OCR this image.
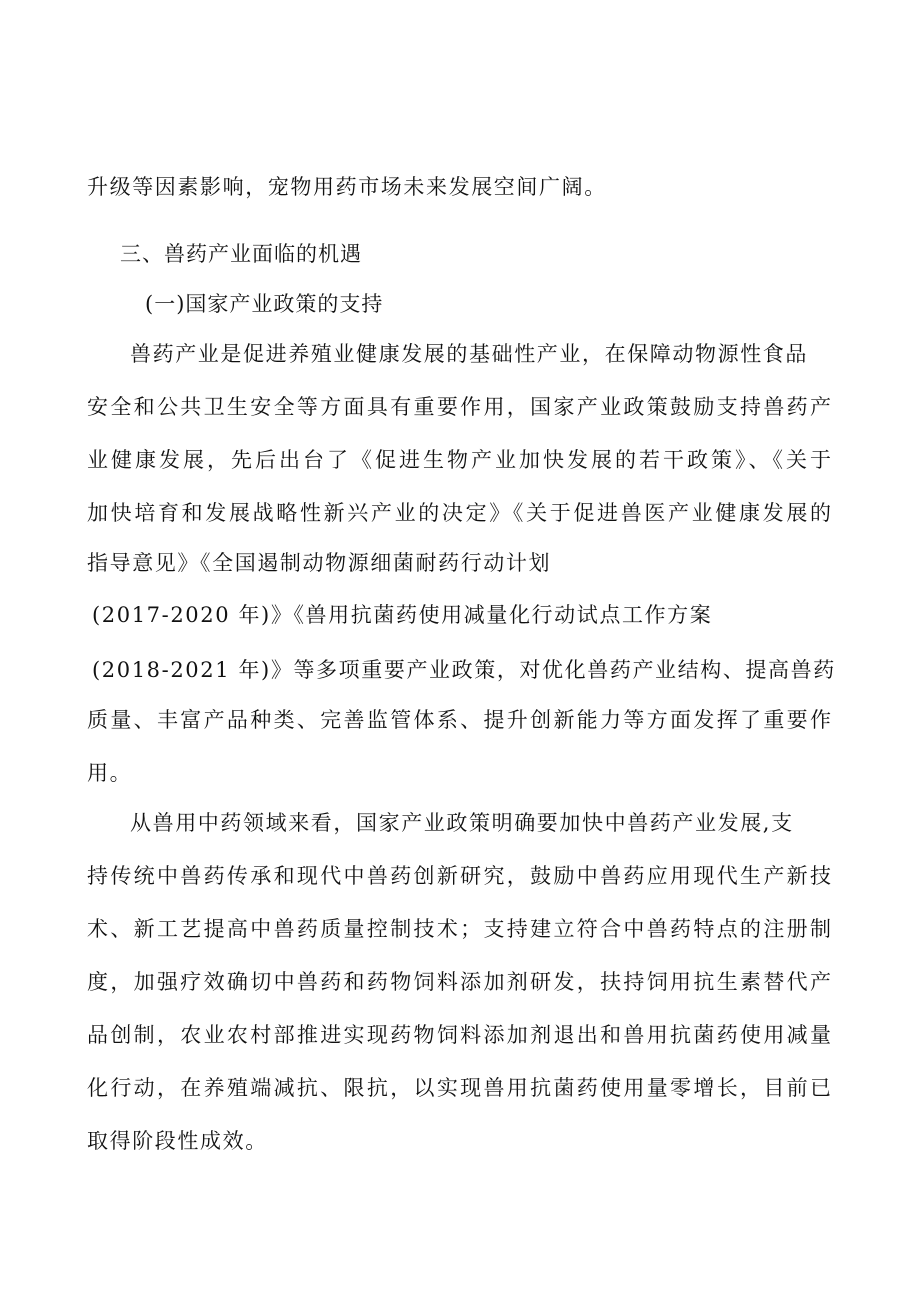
升级等因素影响，宠物用药市场未来发展空间广阔。
三、兽药产业面临的机遇
(一)国家产业政策的支持
兽药产业是促进养殖业健康发展的基础性产业，在保障动物源性食品
安全和公共卫生安全等方面具有重要作用，国家产业政策鼓励支持兽药产
业健康发展，先后出台了《促进生物产业加快发展的若干政策》、《关于
加快培育和发展战略性新兴产业的决定》《关于促进兽医产业健康发展的
指导意见》《全国遏制动物源细菌耐药行动计划
(2017-2020 年)》《兽用抗菌药使用减量化行动试点工作方案
(2018-2021 年)》等多项重要产业政策，对优化兽药产业结构、提高兽药
质量、丰富产品种类、完善监管体系、提升创新能力等方面发挥了重要作
用。
从兽用中药领域来看，国家产业政策明确要加快中兽药产业发展,支
持传统中兽药传承和现代中兽药创新研究，鼓励中兽药应用现代生产新技
术、新工艺提高中兽药质量控制技术；支持建立符合中兽药特点的注册制
度，加强疗效确切中兽药和药物饲料添加剂研发，扶持饲用抗生素替代产
品创制，农业农村部推进实现药物饲料添加剂退出和兽用抗菌药使用减量
化行动，在养殖端减抗、限抗，以实现兽用抗菌药使用量零增长，目前已
取得阶段性成效。
